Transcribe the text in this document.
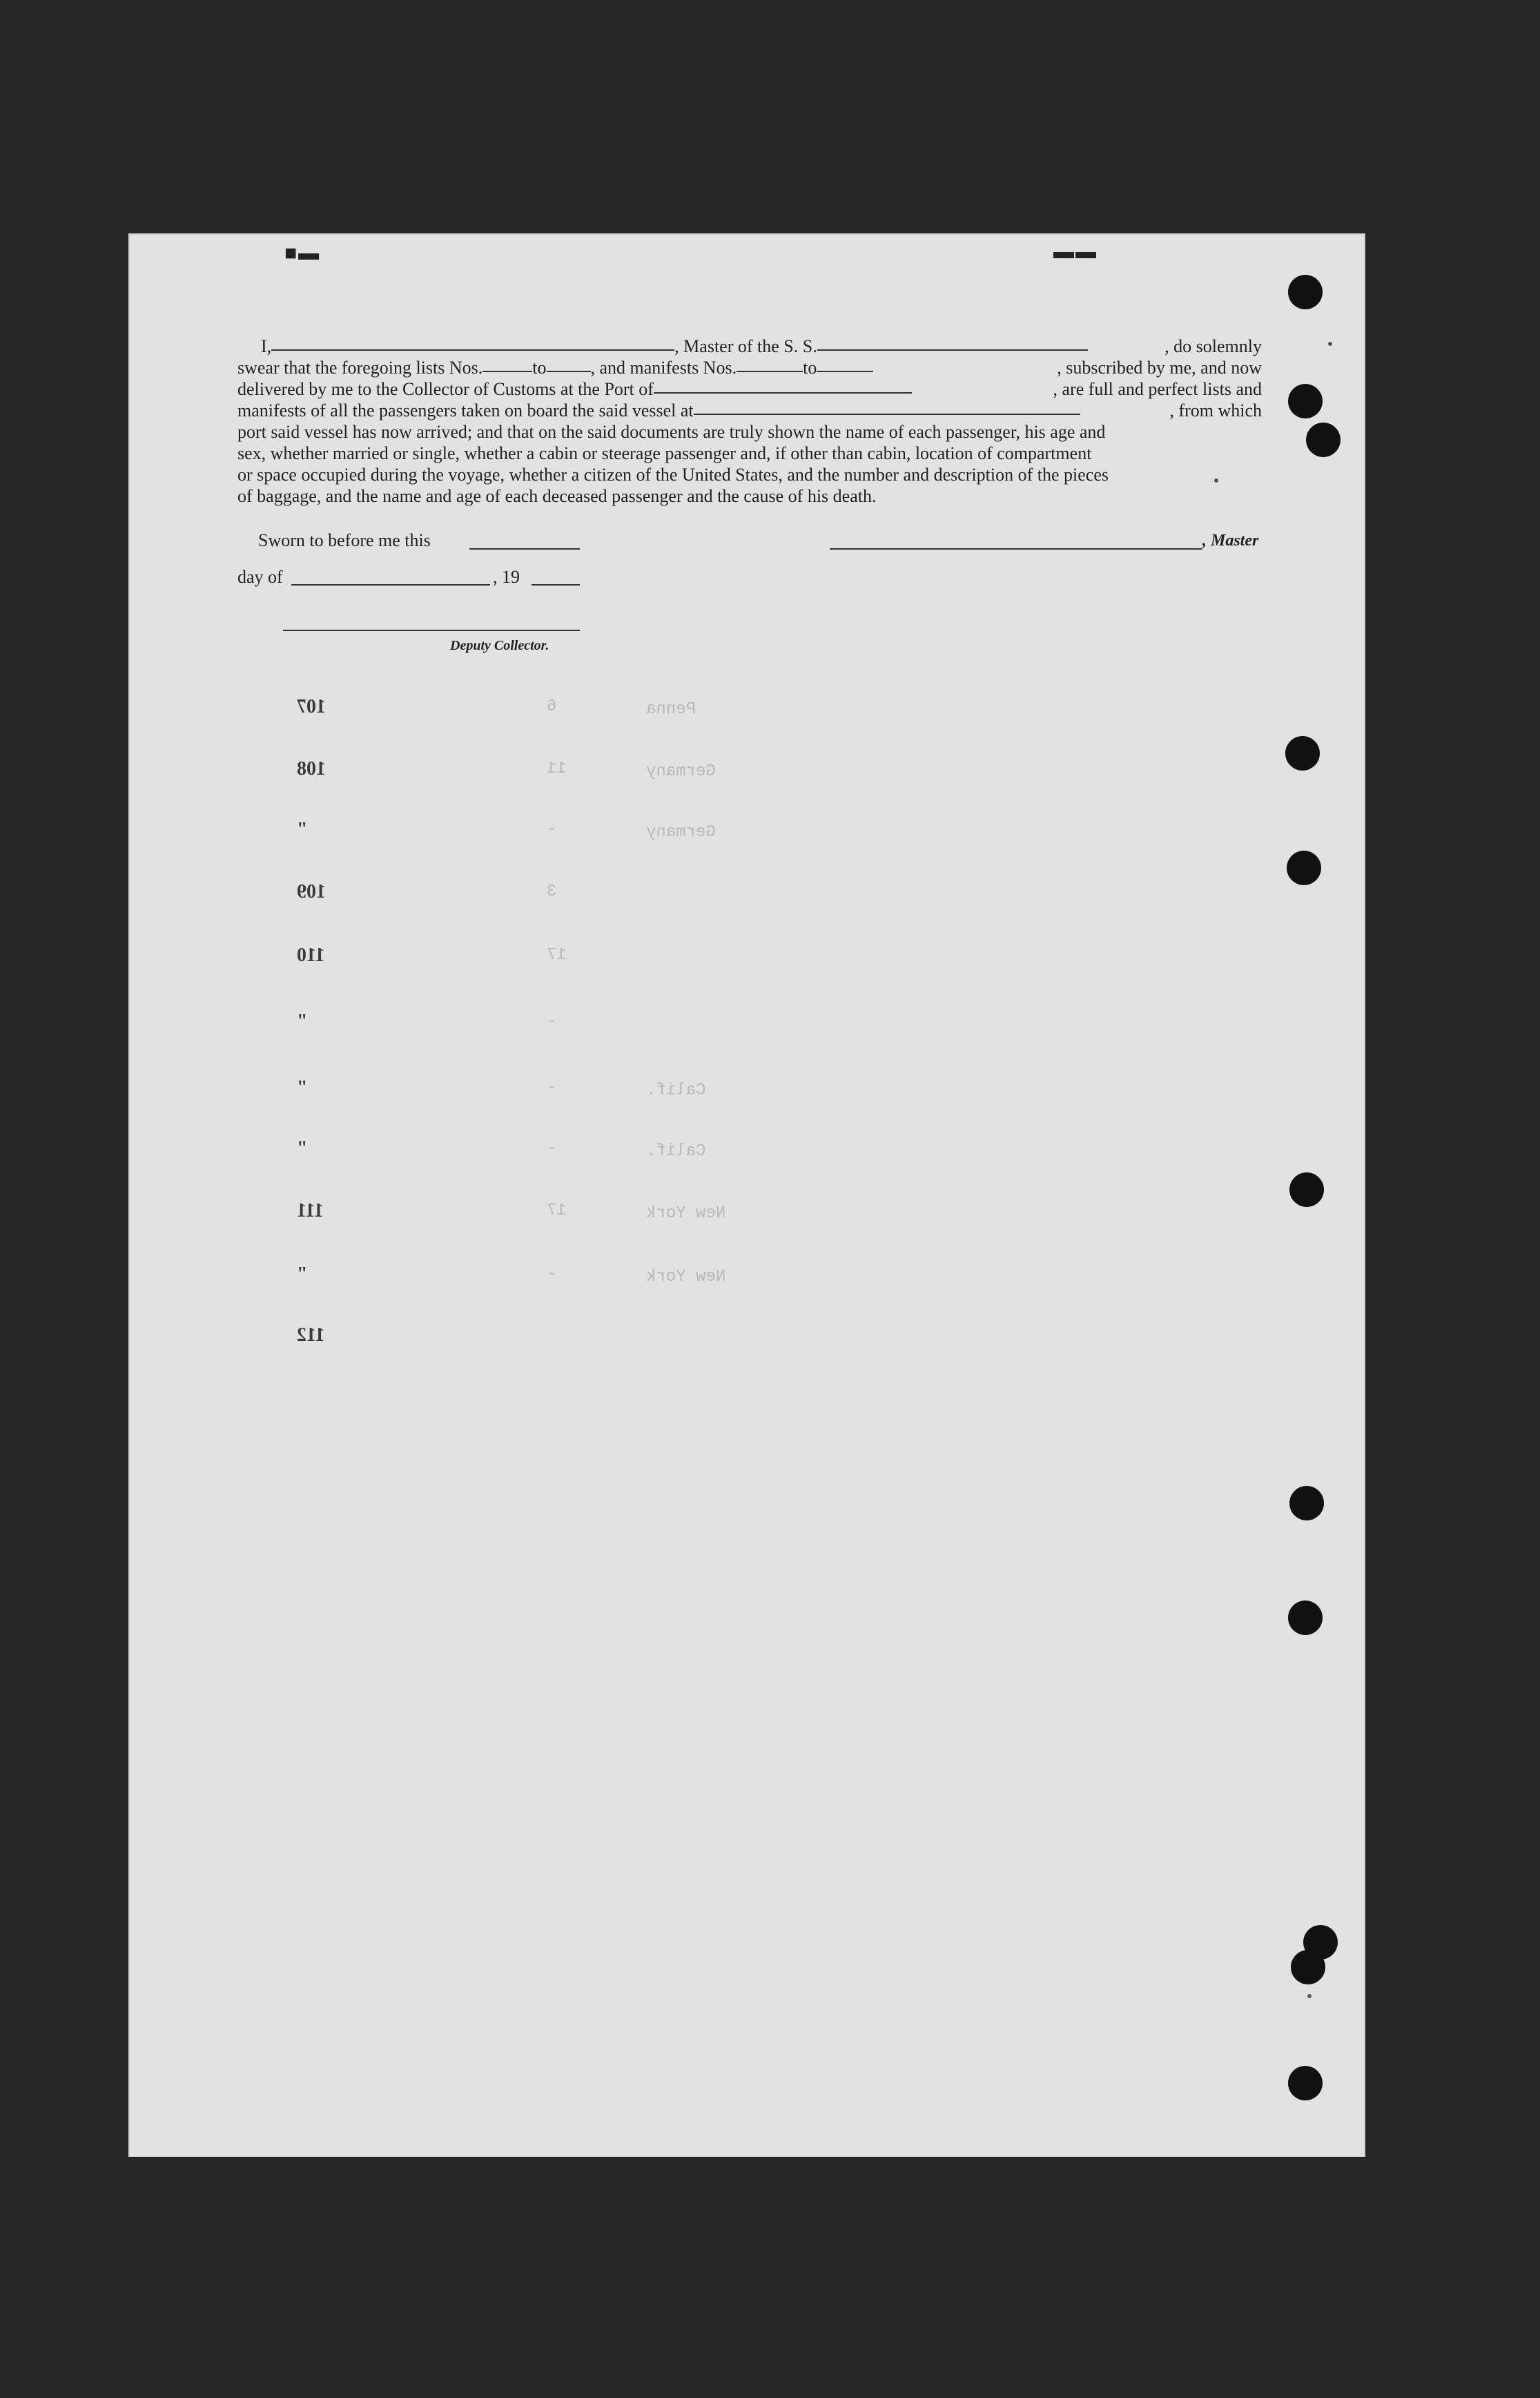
■▬	▬▬
I,	, Master of the S. S.	, do solemnly
swear that the foregoing lists Nos.	to , and manifests Nos.	to	, subscribed by me, and now
delivered by me to the Collector of Customs at the Port of	, are full and perfect lists and
manifests of all the passengers taken on board the said vessel at	, from which
port said vessel has now arrived; and that on the said documents are truly shown the name of each passenger, his age and
sex, whether married or single, whether a cabin or steerage passenger and, if other than cabin, location of compartment
or space occupied during the voyage, whether a citizen of the United States, and the number and description of the pieces
of baggage, and the name and age of each deceased passenger and the cause of his death.
Sworn to before me this
day of	, 19
Deputy Collector.
, Master
107	6	Penna
108	11	Germany
"	-	Germany
109	3
110	17
"	-
"	-	Calif.
"	-	Calif.
111	17	New York
"	-	New York
112
